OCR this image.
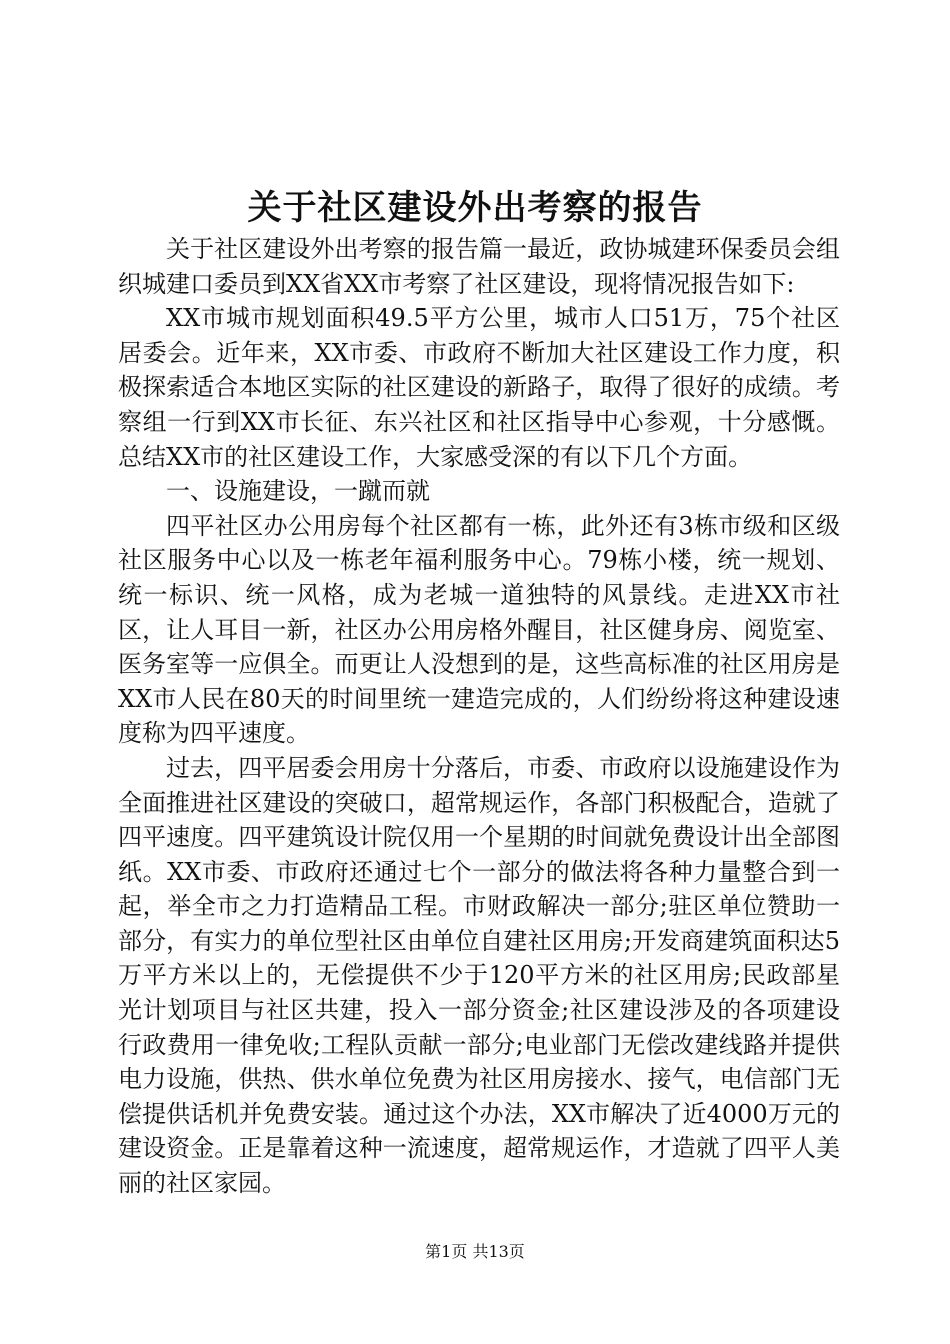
关于社区建设外出考察的报告

关于社区建设外出考察的报告篇一最近，政协城建环保委员会组织城建口委员到XX省XX市考察了社区建设，现将情况报告如下:

XX市城市规划面积49.5平方公里，城市人口51万，75个社区居委会。近年来，XX市委、市政府不断加大社区建设工作力度，积极探索适合本地区实际的社区建设的新路子，取得了很好的成绩。考察组一行到XX市长征、东兴社区和社区指导中心参观，十分感慨。总结XX市的社区建设工作，大家感受深的有以下几个方面。

一、设施建设，一蹴而就

四平社区办公用房每个社区都有一栋，此外还有3栋市级和区级社区服务中心以及一栋老年福利服务中心。79栋小楼，统一规划、统一标识、统一风格，成为老城一道独特的风景线。走进XX市社区，让人耳目一新，社区办公用房格外醒目，社区健身房、阅览室、医务室等一应俱全。而更让人没想到的是，这些高标准的社区用房是XX市人民在80天的时间里统一建造完成的，人们纷纷将这种建设速度称为四平速度。

过去，四平居委会用房十分落后，市委、市政府以设施建设作为全面推进社区建设的突破口，超常规运作，各部门积极配合，造就了四平速度。四平建筑设计院仅用一个星期的时间就免费设计出全部图纸。XX市委、市政府还通过七个一部分的做法将各种力量整合到一起，举全市之力打造精品工程。市财政解决一部分;驻区单位赞助一部分，有实力的单位型社区由单位自建社区用房;开发商建筑面积达5万平方米以上的，无偿提供不少于120平方米的社区用房;民政部星光计划项目与社区共建，投入一部分资金;社区建设涉及的各项建设行政费用一律免收;工程队贡献一部分;电业部门无偿改建线路并提供电力设施，供热、供水单位免费为社区用房接水、接气，电信部门无偿提供话机并免费安装。通过这个办法，XX市解决了近4000万元的建设资金。正是靠着这种一流速度，超常规运作，才造就了四平人美丽的社区家园。

第1页 共13页
